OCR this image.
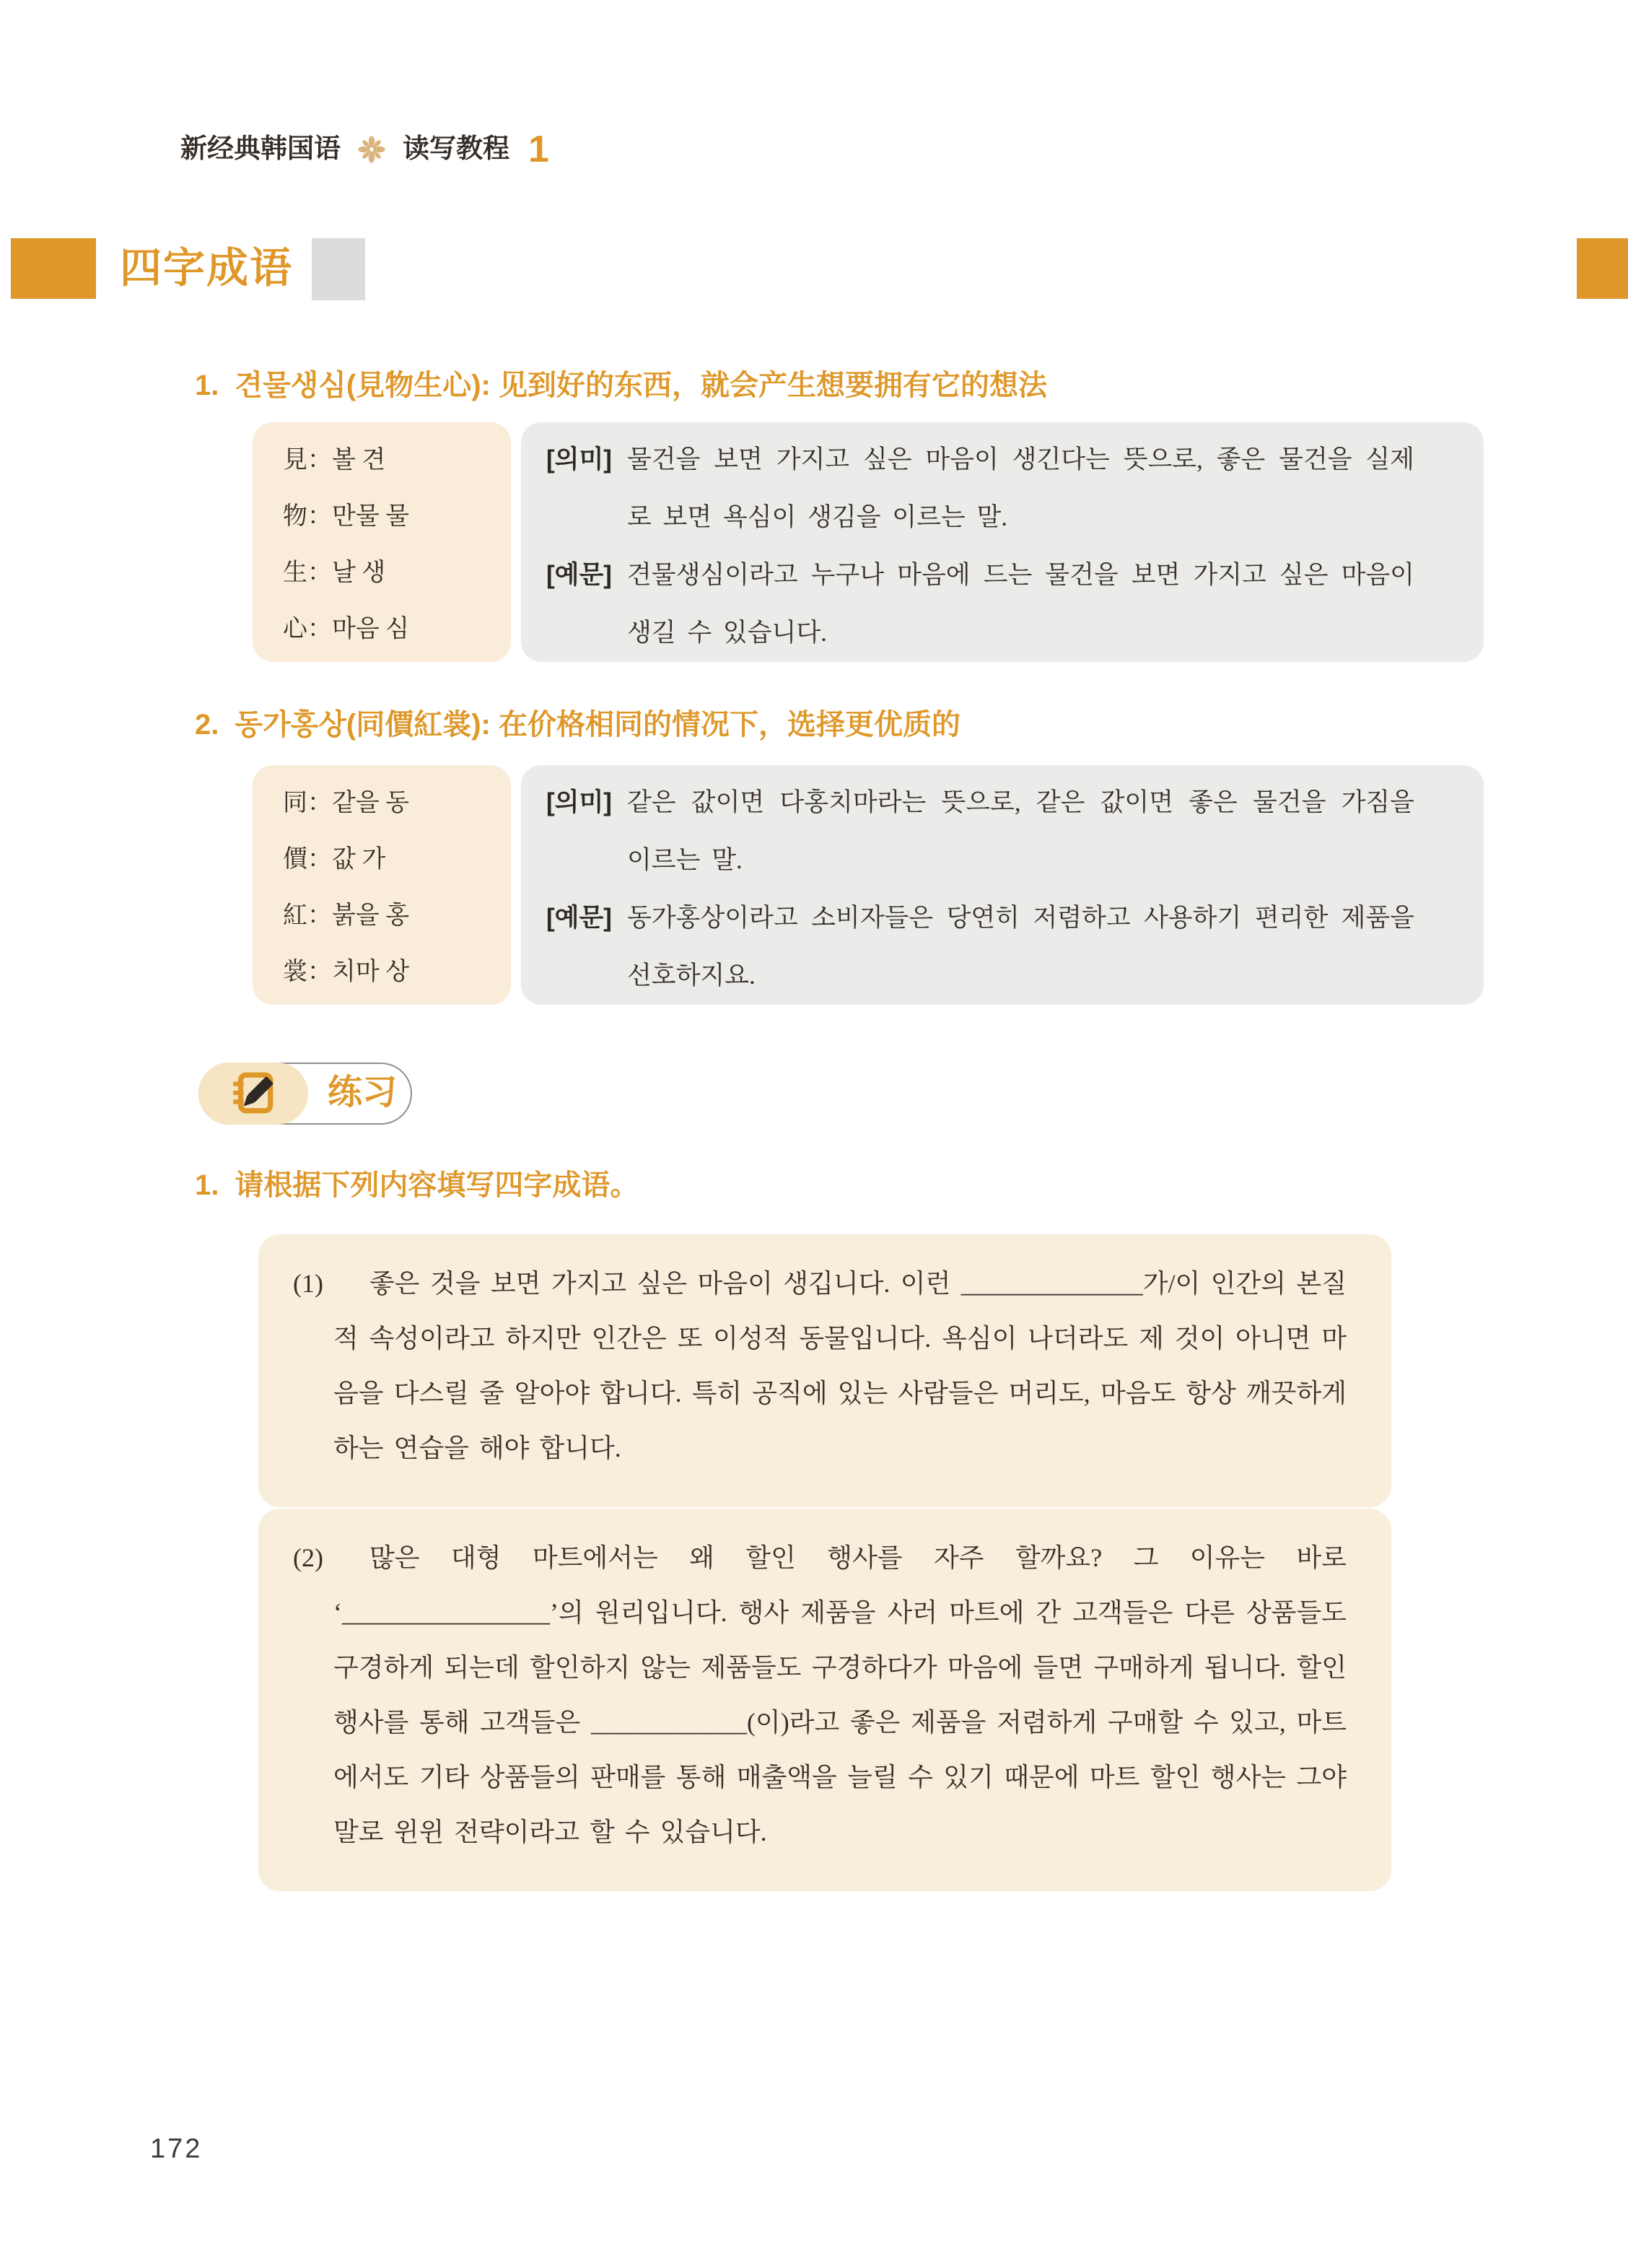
新经典韩国语 读写教程 1
四字成语
1. 견물생심(見物生心): 见到好的东西，就会产生想要拥有它的想法
見：볼 견
物：만물 물
生：날 생
心：마음 심
[의미] 물건을 보면 가지고 싶은 마음이 생긴다는 뜻으로, 좋은 물건을 실제로 보면 욕심이 생김을 이르는 말.

[예문] 견물생심이라고 누구나 마음에 드는 물건을 보면 가지고 싶은 마음이 생길 수 있습니다.

2. 동가홍상(同價紅裳): 在价格相同的情况下，选择更优质的
同：같을 동
價：값 가
紅：붉을 홍
裳：치마 상
[의미] 같은 값이면 다홍치마라는 뜻으로, 같은 값이면 좋은 물건을 가짐을 이르는 말.

[예문] 동가홍상이라고 소비자들은 당연히 저렴하고 사용하기 편리한 제품을 선호하지요.

练习
1. 请根据下列内容填写四字成语。
(1)	좋은 것을 보면 가지고 싶은 마음이 생깁니다. 이런 ______________가/이 인간의 본질적 속성이라고 하지만 인간은 또 이성적 동물입니다. 욕심이 나더라도 제 것이 아니면 마음을 다스릴 줄 알아야 합니다. 특히 공직에 있는 사람들은 머리도, 마음도 항상 깨끗하게 하는 연습을 해야 합니다.

(2)	많은 대형 마트에서는 왜 할인 행사를 자주 할까요? 그 이유는 바로 ‘________________’의 원리입니다. 행사 제품을 사러 마트에 간 고객들은 다른 상품들도 구경하게 되는데 할인하지 않는 제품들도 구경하다가 마음에 들면 구매하게 됩니다. 할인 행사를 통해 고객들은 ____________(이)라고 좋은 제품을 저렴하게 구매할 수 있고, 마트에서도 기타 상품들의 판매를 통해 매출액을 늘릴 수 있기 때문에 마트 할인 행사는 그야말로 윈윈 전략이라고 할 수 있습니다.

172
